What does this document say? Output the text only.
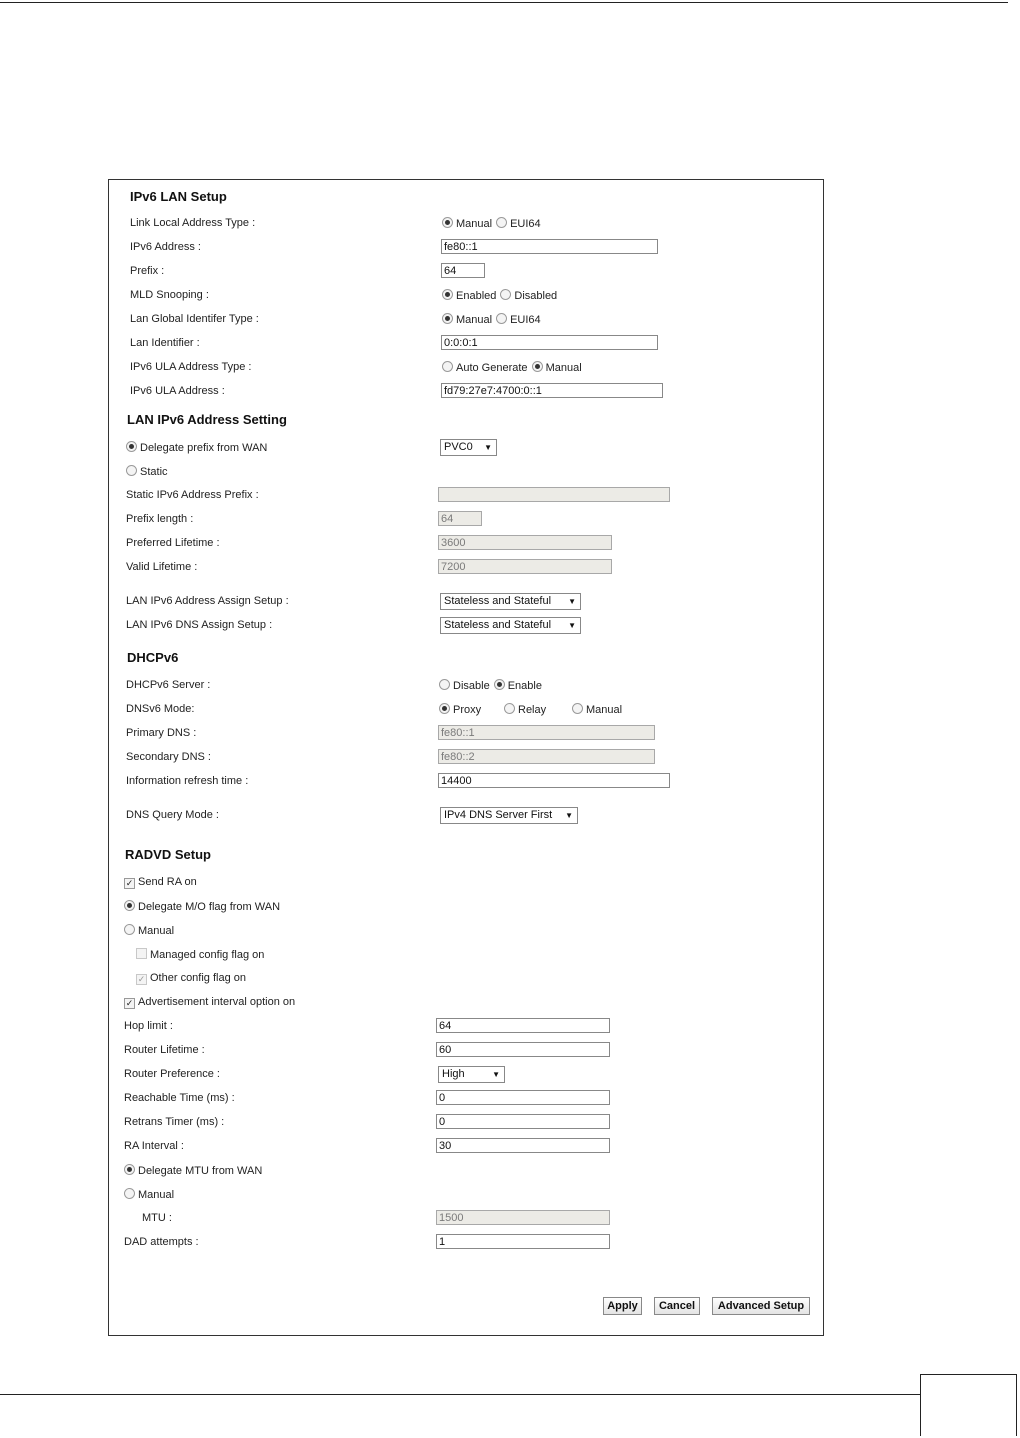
IPv6 LAN Setup
Link Local Address Type :	Manual EUI64
IPv6 Address :	fe80::1
Prefix :	64
MLD Snooping :	Enabled Disabled
Lan Global Identifer Type :	Manual EUI64
Lan Identifier :	0:0:0:1
IPv6 ULA Address Type :	Auto Generate Manual
IPv6 ULA Address :	fd79:27e7:4700:0::1
LAN IPv6 Address Setting
Delegate prefix from WAN	PVC0 ▼
Static
Static IPv6 Address Prefix :
Prefix length :	64
Preferred Lifetime :	3600
Valid Lifetime :	7200
LAN IPv6 Address Assign Setup :	Stateless and Stateful ▼
LAN IPv6 DNS Assign Setup :	Stateless and Stateful ▼
DHCPv6
DHCPv6 Server :	Disable Enable
DNSv6 Mode:	Proxy	Relay	Manual
Primary DNS :	fe80::1
Secondary DNS :	fe80::2
Information refresh time :	14400
DNS Query Mode :	IPv4 DNS Server First ▼
RADVD Setup
✓ Send RA on
Delegate M/O flag from WAN
Manual
Managed config flag on
✓ Other config flag on
✓ Advertisement interval option on
Hop limit :	64
Router Lifetime :	60
Router Preference :	High	▼
Reachable Time (ms) :	0
Retrans Timer (ms) :	0
RA Interval :	30
Delegate MTU from WAN
Manual
MTU :	1500
DAD attempts :	1
Apply	Cancel	Advanced Setup
